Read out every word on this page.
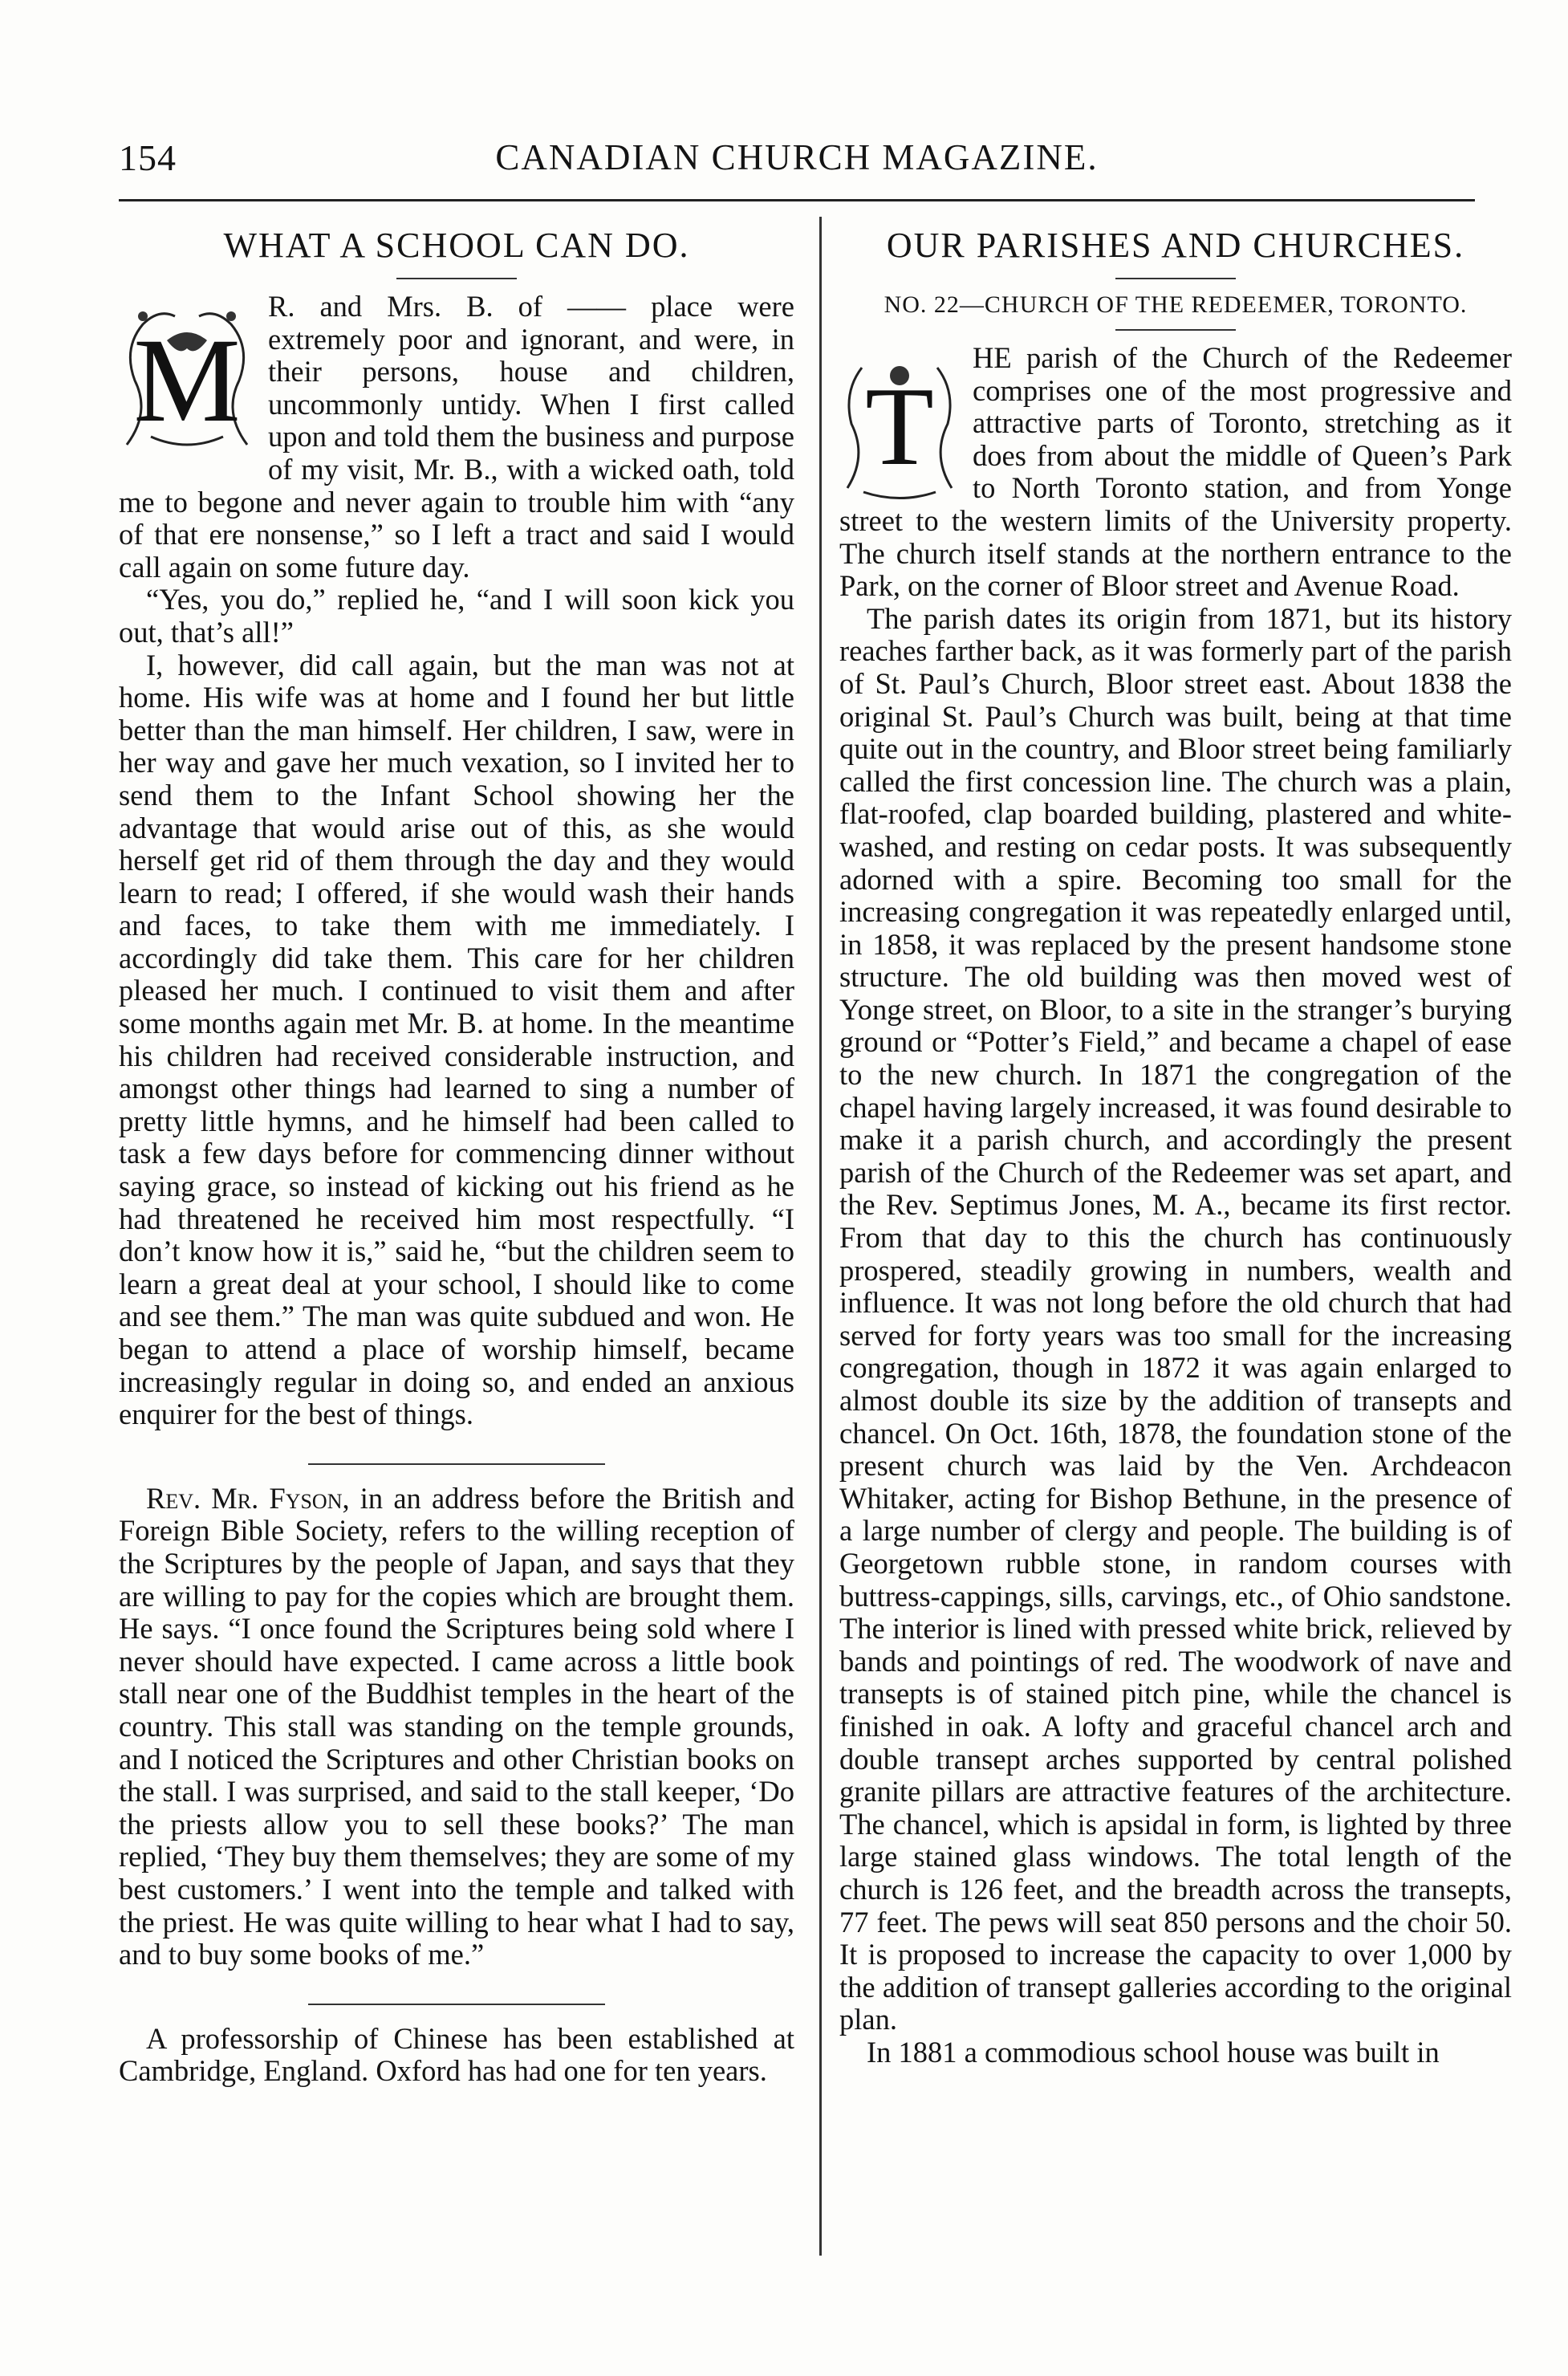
154	CANADIAN CHURCH MAGAZINE.
WHAT A SCHOOL CAN DO.

M
R. and Mrs. B. of —— place were extremely poor and ignorant, and were, in their persons, house and children, uncommonly untidy. When I first called upon and told them the business and purpose of my visit, Mr. B., with a wicked oath, told me to begone and never again to trouble him with “any of that ere nonsense,” so I left a tract and said I would call again on some future day.

“Yes, you do,” replied he, “and I will soon kick you out, that’s all!”

I, however, did call again, but the man was not at home. His wife was at home and I found her but little better than the man himself. Her children, I saw, were in her way and gave her much vexation, so I invited her to send them to the Infant School showing her the advantage that would arise out of this, as she would herself get rid of them through the day and they would learn to read; I offered, if she would wash their hands and faces, to take them with me immediately. I accordingly did take them. This care for her children pleased her much. I continued to visit them and after some months again met Mr. B. at home. In the meantime his children had received considerable instruction, and amongst other things had learned to sing a number of pretty little hymns, and he himself had been called to task a few days before for commencing dinner without saying grace, so instead of kicking out his friend as he had threatened he received him most respectfully. “I don’t know how it is,” said he, “but the children seem to learn a great deal at your school, I should like to come and see them.” The man was quite subdued and won. He began to attend a place of worship himself, became increasingly regular in doing so, and ended an anxious enquirer for the best of things.

Rev. Mr. Fyson, in an address before the British and Foreign Bible Society, refers to the willing reception of the Scriptures by the people of Japan, and says that they are willing to pay for the copies which are brought them. He says. “I once found the Scriptures being sold where I never should have expected. I came across a little book stall near one of the Buddhist temples in the heart of the country. This stall was standing on the temple grounds, and I noticed the Scriptures and other Christian books on the stall. I was surprised, and said to the stall keeper, ‘Do the priests allow you to sell these books?’ The man replied, ‘They buy them themselves; they are some of my best customers.’ I went into the temple and talked with the priest. He was quite willing to hear what I had to say, and to buy some books of me.”

A professorship of Chinese has been established at Cambridge, England. Oxford has had one for ten years.

OUR PARISHES AND CHURCHES.
NO. 22—CHURCH OF THE REDEEMER, TORONTO.

T
HE parish of the Church of the Redeemer comprises one of the most progressive and attractive parts of Toronto, stretching as it does from about the middle of Queen’s Park to North Toronto station, and from Yonge street to the western limits of the University property. The church itself stands at the northern entrance to the Park, on the corner of Bloor street and Avenue Road.

The parish dates its origin from 1871, but its history reaches farther back, as it was formerly part of the parish of St. Paul’s Church, Bloor street east. About 1838 the original St. Paul’s Church was built, being at that time quite out in the country, and Bloor street being familiarly called the first concession line. The church was a plain, flat-roofed, clap boarded building, plastered and white-washed, and resting on cedar posts. It was subsequently adorned with a spire. Becoming too small for the increasing congregation it was repeatedly enlarged until, in 1858, it was replaced by the present handsome stone structure. The old building was then moved west of Yonge street, on Bloor, to a site in the stranger’s burying ground or “Potter’s Field,” and became a chapel of ease to the new church. In 1871 the congregation of the chapel having largely increased, it was found desirable to make it a parish church, and accordingly the present parish of the Church of the Redeemer was set apart, and the Rev. Septimus Jones, M. A., became its first rector. From that day to this the church has continuously prospered, steadily growing in numbers, wealth and influence. It was not long before the old church that had served for forty years was too small for the increasing congregation, though in 1872 it was again enlarged to almost double its size by the addition of transepts and chancel. On Oct. 16th, 1878, the foundation stone of the present church was laid by the Ven. Archdeacon Whitaker, acting for Bishop Bethune, in the presence of a large number of clergy and people. The building is of Georgetown rubble stone, in random courses with buttress-cappings, sills, carvings, etc., of Ohio sandstone. The interior is lined with pressed white brick, relieved by bands and pointings of red. The woodwork of nave and transepts is of stained pitch pine, while the chancel is finished in oak. A lofty and graceful chancel arch and double transept arches supported by central polished granite pillars are attractive features of the architecture. The chancel, which is apsidal in form, is lighted by three large stained glass windows. The total length of the church is 126 feet, and the breadth across the transepts, 77 feet. The pews will seat 850 persons and the choir 50. It is proposed to increase the capacity to over 1,000 by the addition of transept galleries according to the original plan.

In 1881 a commodious school house was built in
